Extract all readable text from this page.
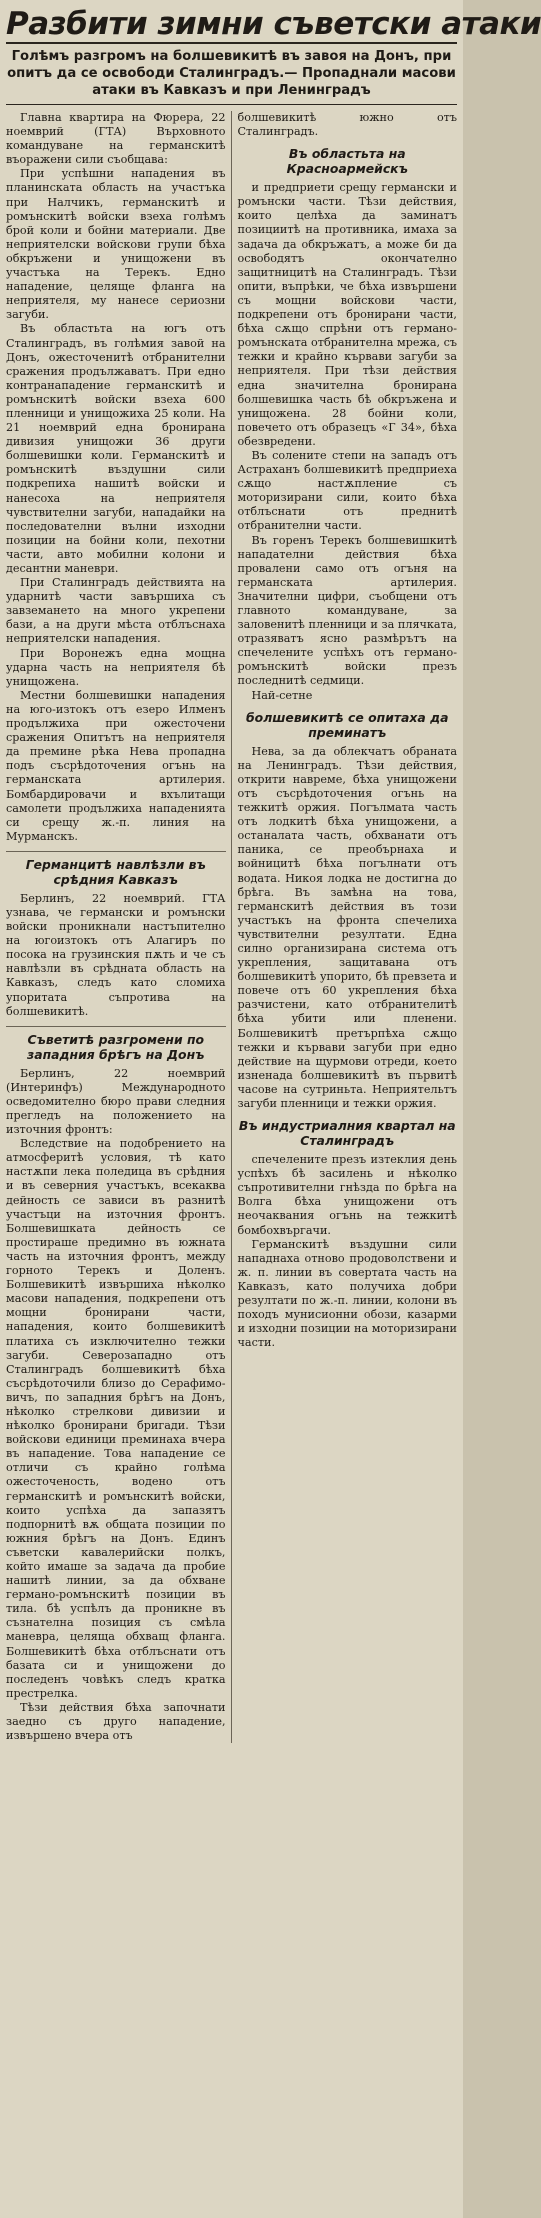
Разбити зимни съветски атаки
Голѣмъ разгромъ на болшевикитѣ въ завоя на Донъ, при опитъ да се освободи Сталинградъ.— Пропаднали масови атаки въ Кавказъ и при Ленинградъ

Главна квартира на Фюрера, 22 ноемврий (ГТА) Върховното командуване на германскитѣ въоражени сили съобщава:

При успѣшни нападения въ планинската область на участъка при Налчикъ, германскитѣ и ромънскитѣ войски взеха голѣмъ брой коли и бойни материали. Две неприятелски войскови групи бѣха обкръжени и унищожени въ участъка на Терекъ. Едно нападение, целяще фланга на неприятеля, му нанесе сериозни загуби.

Въ областьта на югъ отъ Сталинградъ, въ голѣмия завой на Донъ, ожесточенитѣ отбранителни сражения продължаватъ. При едно контранападение германскитѣ и ромънскитѣ войски взеха 600 пленници и унищожиха 25 коли. На 21 ноемврий една бронирана дивизия унищожи 36 други болшевишки коли. Германскитѣ и ромънскитѣ въздушни сили подкрепиха нашитѣ войски и нанесоха на неприятеля чувствителни загуби, нападайки на последователни вълни изходни позиции на бойни коли, пехотни части, авто мобилни колони и десантни маневри.

При Сталинградъ действията на ударнитѣ части завършиха съ завземането на много укрепени бази, а на други мѣста отблъснаха неприятелски нападения.

При Воронежъ една мощна ударна часть на неприятеля бѣ унищожена.

Местни болшевишки нападения на юго-изтокъ отъ езеро Илменъ продължиха при ожесточени сражения Опитътъ на неприятеля да премине рѣка Нева пропадна подъ съсрѣдоточения огънь на германската артилерия. Бомбардировачи и вхълитащи самолети продължиха нападенията си срещу ж.-п. линия на Мурманскъ.

Германцитѣ навлѣзли въ срѣдния Кавказъ

Берлинъ, 22 ноемврий. ГТА узнава, че германски и ромънски войски проникнали настъпително на югоизтокъ отъ Алагиръ по посока на грузинския пѫть и че съ навлѣзли въ срѣдната область на Кавказъ, следъ като сломиха упоритата съпротива на болшевикитѣ.

Съветитѣ разгромени по западния брѣгъ на Донъ

Берлинъ, 22 ноемврий (Интеринфъ) Международното осведомително бюро прави следния прегледъ на положението на източния фронтъ:

Вследствие на подобрението на атмосферитѣ условия, тѣ като настѫпи лека поледица въ срѣдния и въ северния участъкъ, всекаква дейность се зависи въ разнитѣ участъци на източния фронтъ. Болшевишката дейность се простираше предимно въ южната часть на източния фронтъ, между горното Терекъ и Доленъ. Болшевикитѣ извършиха нѣколко масови нападения, подкрепени отъ мощни бронирани части, нападения, които болшевикитѣ платиха съ изключително тежки загуби. Северозападно отъ Сталинградъ болшевикитѣ бѣха съсрѣдоточили близо до Серафимо-вичъ, по западния брѣгъ на Донъ, нѣколко стрелкови дивизии и нѣколко бронирани бригади. Тѣзи войскови единици преминаха вчера въ нападение. Това нападение се отличи съ крайно голѣма ожесточеность, водено отъ германскитѣ и ромънскитѣ войски, които успѣха да запазятъ подпорнитѣ вѫ общата позиции по южния брѣгъ на Донъ. Единъ съветски кавалерийски полкъ, който имаше за задача да пробие нашитѣ линии, за да обхване германо-ромънскитѣ позиции въ тила. бѣ успѣлъ да проникне въ съзнателна позиция съ смѣла маневра, целяща обхващ фланга. Болшевикитѣ бѣха отблъснати отъ базата си и унищожени до последенъ човѣкъ следъ кратка престрелка.

Тѣзи действия бѣха започнати заедно съ друго нападение, извършено вчера отъ

болшевикитѣ южно отъ Сталинградъ.

Въ областьта на Красноармейскъ

и предприети срещу германски и ромънски части. Тѣзи действия, които целѣха да заминатъ позициитѣ на противника, имаха за задача да обкръжатъ, а може би да освободятъ окончателно защитницитѣ на Сталинградъ. Тѣзи опити, въпрѣки, че бѣха извършени съ мощни войскови части, подкрепени отъ бронирани части, бѣха сѫщо спрѣни отъ германо-ромънската отбранителна мрежа, съ тежки и крайно кървави загуби за неприятеля. При тѣзи действия една значителна бронирана болшевишка часть бѣ обкръжена и унищожена. 28 бойни коли, повечето отъ образецъ «Г 34», бѣха обезвредени.

Въ солените степи на западъ отъ Астраханъ болшевикитѣ предприеха сѫщо настѫпление съ моторизирани сили, които бѣха отблъснати отъ преднитѣ отбранителни части.

Въ горенъ Терекъ болшевишкитѣ нападателни действия бѣха провалени само отъ огъня на германската артилерия. Значителни цифри, съобщени отъ главното командуване, за заловенитѣ пленници и за плячката, отразяватъ ясно размѣрътъ на спечелените успѣхъ отъ германо-ромънскитѣ войски презъ последнитѣ седмици.

Най-сетне

болшевикитѣ се опитаха да преминатъ

Нева, за да облекчатъ обраната на Ленинградъ. Тѣзи действия, открити навреме, бѣха унищожени отъ съсрѣдоточения огънь на тежкитѣ оржия. Погълмата часть отъ лодкитѣ бѣха унищожени, а останалата часть, обхванати отъ паника, се преобърнаха и войницитѣ бѣха погълнати отъ водата. Никоя лодка не достигна до брѣга. Въ замѣна на това, германскитѣ действия въ този участъкъ на фронта спечелиха чувствителни резултати. Една силно организирана система отъ укрепления, защитавана отъ болшевикитѣ упорито, бѣ превзета и повече отъ 60 укрепления бѣха разчистени, като отбранителитѣ бѣха убити или пленени. Болшевикитѣ претърпѣха сѫщо тежки и кървави загуби при едно действие на щурмови отреди, което изненада болшевикитѣ въ първитѣ часове на сутриньта. Неприятельтъ загуби пленници и тежки оржия.

Въ индустриалния квартал на Сталинградъ

спечелените презъ изтеклия день успѣхъ бѣ засилень и нѣколко съпротивителни гнѣзда по брѣга на Волга бѣха унищожени отъ неочаквания огънь на тежкитѣ бомбохвъргачи.

Германскитѣ въздушни сили нападнаха отново продоволствени и ж. п. линии въ совертата часть на Кавказъ, като получиха добри резултати по ж.-п. линии, колони въ походъ мунисионни обози, казарми и изходни позиции на моторизирани части.
